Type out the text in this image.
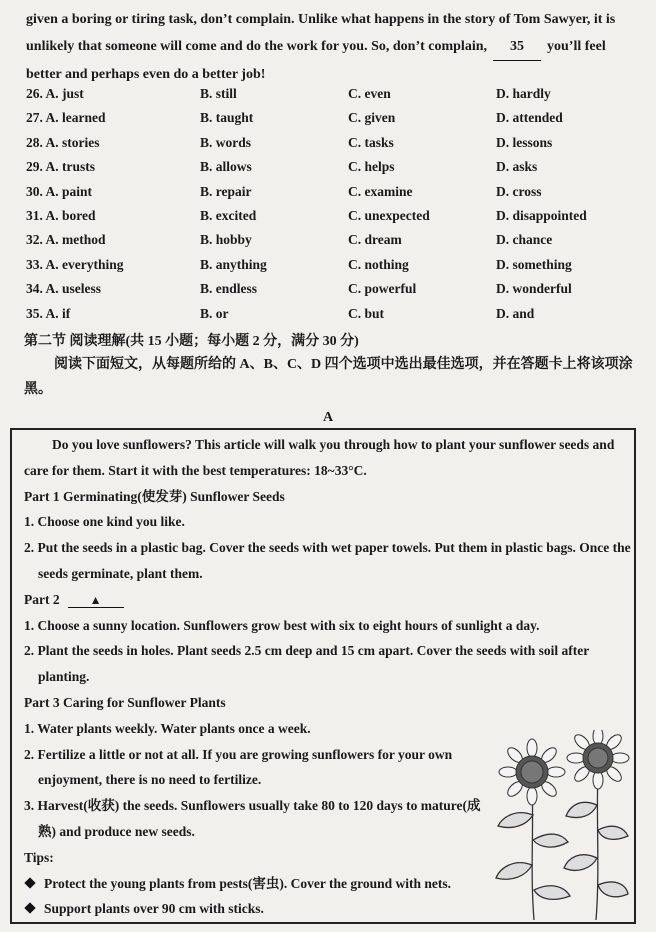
given a boring or tiring task, don’t complain. Unlike what happens in the story of Tom Sawyer, it is
unlikely that someone will come and do the work for you. So, don’t complain, 35 you’ll feel
better and perhaps even do a better job!
26. A. just	B. still	C. even	D. hardly
27. A. learned	B. taught	C. given	D. attended
28. A. stories	B. words	C. tasks	D. lessons
29. A. trusts	B. allows	C. helps	D. asks
30. A. paint	B. repair	C. examine	D. cross
31. A. bored	B. excited	C. unexpected	D. disappointed
32. A. method	B. hobby	C. dream	D. chance
33. A. everything	B. anything	C. nothing	D. something
34. A. useless	B. endless	C. powerful	D. wonderful
35. A. if	B. or	C. but	D. and
第二节 阅读理解(共 15 小题；每小题 2 分，满分 30 分)
阅读下面短文，从每题所给的 A、B、C、D 四个选项中选出最佳选项，并在答题卡上将该项涂黑。
A

Do you love sunflowers? This article will walk you through how to plant your sunflower seeds and care for them. Start it with the best temperatures: 18~33°C.

Part 1 Germinating(使发芽) Sunflower Seeds

1. Choose one kind you like.

2. Put the seeds in a plastic bag. Cover the seeds with wet paper towels. Put them in plastic bags. Once the seeds germinate, plant them.

Part 2	▲

1. Choose a sunny location. Sunflowers grow best with six to eight hours of sunlight a day.

2. Plant the seeds in holes. Plant seeds 2.5 cm deep and 15 cm apart. Cover the seeds with soil after planting.

Part 3 Caring for Sunflower Plants

1. Water plants weekly. Water plants once a week.

2. Fertilize a little or not at all. If you are growing sunflowers for your own enjoyment, there is no need to fertilize.

3. Harvest(收获) the seeds. Sunflowers usually take 80 to 120 days to mature(成熟) and produce new seeds.

Tips:

Protect the young plants from pests(害虫). Cover the ground with nets.

Support plants over 90 cm with sticks.
